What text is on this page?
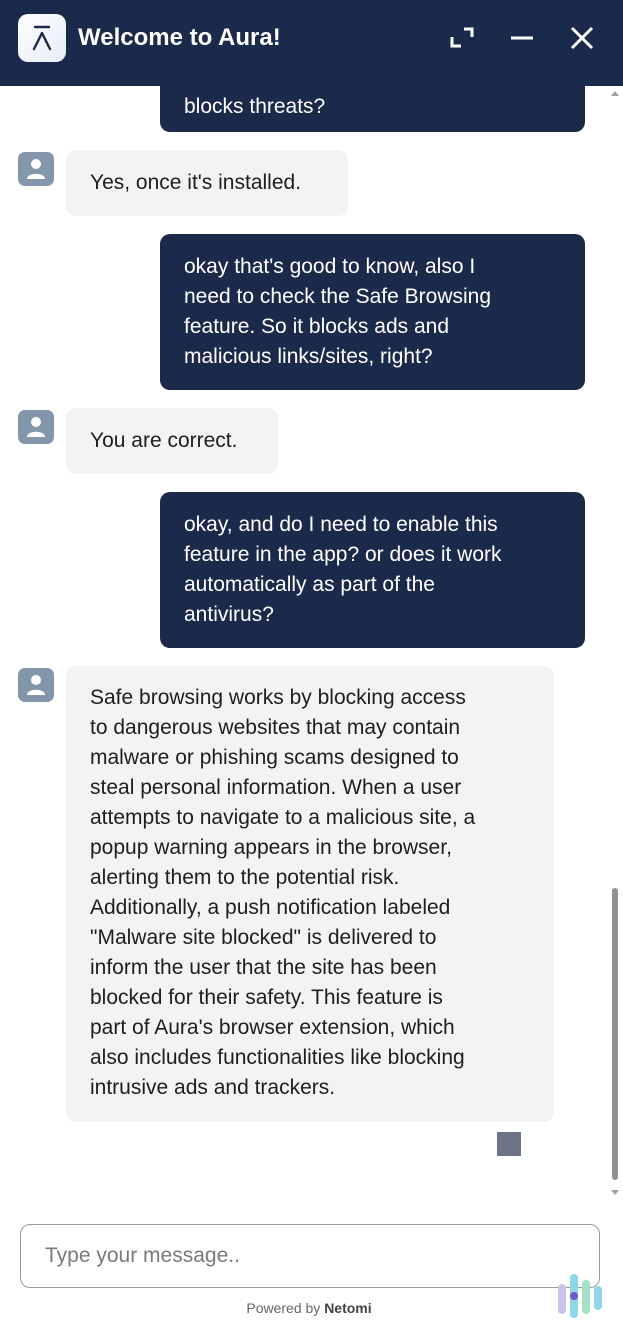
Welcome to Aura!
blocks threats?
Yes, once it's installed.
okay that's good to know, also I
need to check the Safe Browsing
feature. So it blocks ads and
malicious links/sites, right?
You are correct.
okay, and do I need to enable this
feature in the app? or does it work
automatically as part of the
antivirus?
Safe browsing works by blocking access
to dangerous websites that may contain
malware or phishing scams designed to
steal personal information. When a user
attempts to navigate to a malicious site, a
popup warning appears in the browser,
alerting them to the potential risk.
Additionally, a push notification labeled
"Malware site blocked" is delivered to
inform the user that the site has been
blocked for their safety. This feature is
part of Aura's browser extension, which
also includes functionalities like blocking
intrusive ads and trackers.
Type your message..
Powered by Netomi
